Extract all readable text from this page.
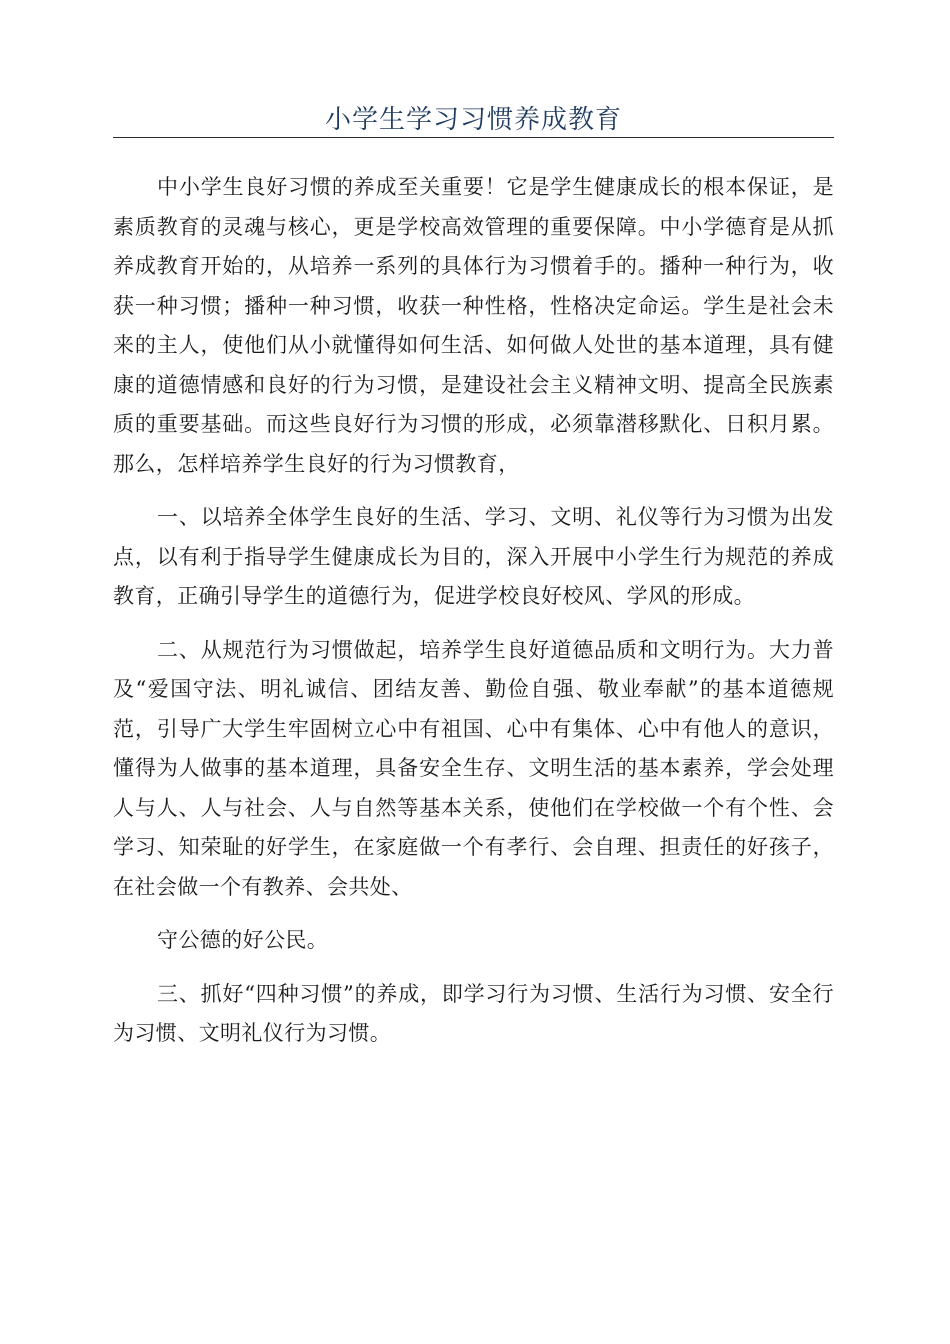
小学生学习习惯养成教育

中小学生良好习惯的养成至关重要！它是学生健康成长的根本保证，是素质教育的灵魂与核心，更是学校高效管理的重要保障。中小学德育是从抓养成教育开始的，从培养一系列的具体行为习惯着手的。播种一种行为，收获一种习惯；播种一种习惯，收获一种性格，性格决定命运。学生是社会未来的主人，使他们从小就懂得如何生活、如何做人处世的基本道理，具有健康的道德情感和良好的行为习惯，是建设社会主义精神文明、提高全民族素质的重要基础。而这些良好行为习惯的形成，必须靠潜移默化、日积月累。那么，怎样培养学生良好的行为习惯教育，

一、以培养全体学生良好的生活、学习、文明、礼仪等行为习惯为出发点，以有利于指导学生健康成长为目的，深入开展中小学生行为规范的养成教育，正确引导学生的道德行为，促进学校良好校风、学风的形成。

二、从规范行为习惯做起，培养学生良好道德品质和文明行为。大力普及“爱国守法、明礼诚信、团结友善、勤俭自强、敬业奉献”的基本道德规范，引导广大学生牢固树立心中有祖国、心中有集体、心中有他人的意识，懂得为人做事的基本道理，具备安全生存、文明生活的基本素养，学会处理人与人、人与社会、人与自然等基本关系，使他们在学校做一个有个性、会学习、知荣耻的好学生，在家庭做一个有孝行、会自理、担责任的好孩子，在社会做一个有教养、会共处、

守公德的好公民。

三、抓好“四种习惯”的养成，即学习行为习惯、生活行为习惯、安全行为习惯、文明礼仪行为习惯。
